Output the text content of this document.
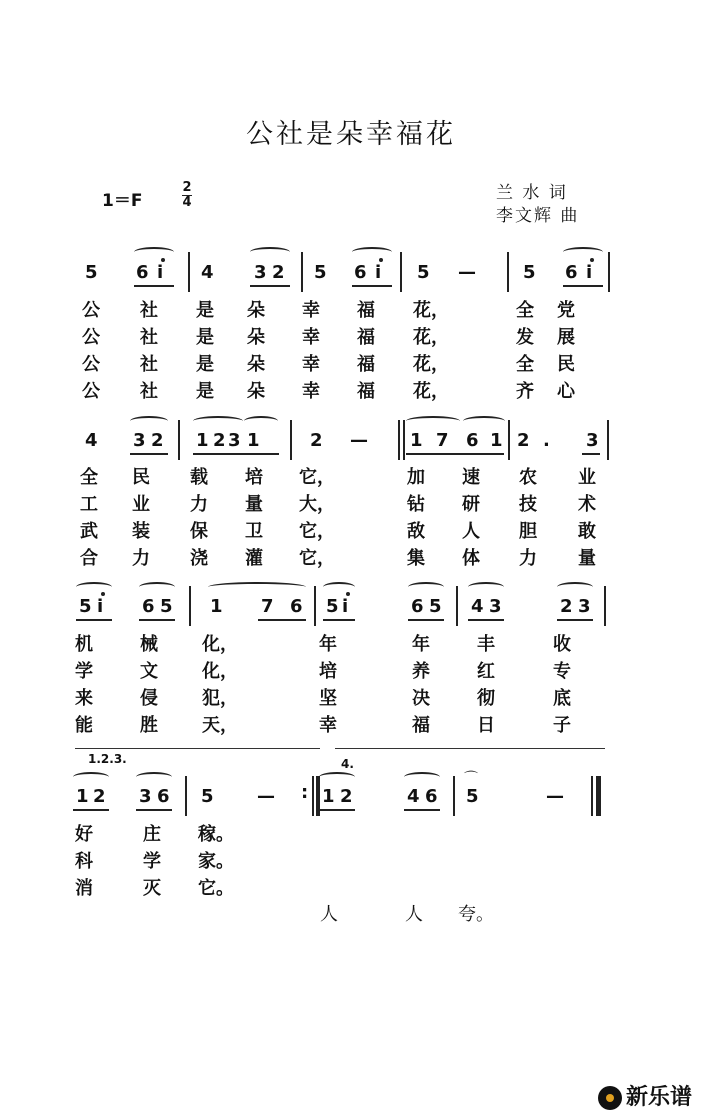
公社是朵幸福花
1＝F
2
4	兰 水 词
李文辉 曲
5 6 i 4 3 2 5 6 i 5 —	5 6 i
公 社 是 朵 幸 福 花，	全 党
公 社 是 朵 幸 福 花，	发 展
公 社 是 朵 幸 福 花，	全 民
公 社 是 朵 幸 福 花，	齐 心
4 3 2 1 2 3 1	2 — 1 7 6 1 2 . 3
全 民 载 培 它，	加 速 农 业
工 业 力 量 大，	钻 研 技 术
武 装 保 卫 它，	敌 人 胆 敢
合 力 浇 灌 它，	集 体 力 量
5 i 6 5 1 7 6 5 i	6 5 4 3	2 3
机	械 化，	年	年	丰	收
学	文 化，	培	养	红	专
来	侵 犯，	坚	决	彻	底
能	胜 天，	幸	福	日	子
1.2.3.	4.
1 2 3 6 5 — : 1 2	4 6 5
⌒
—
好	庄 稼。
科	学 家。
消	灭 它。
人	人 夸。
新乐谱
